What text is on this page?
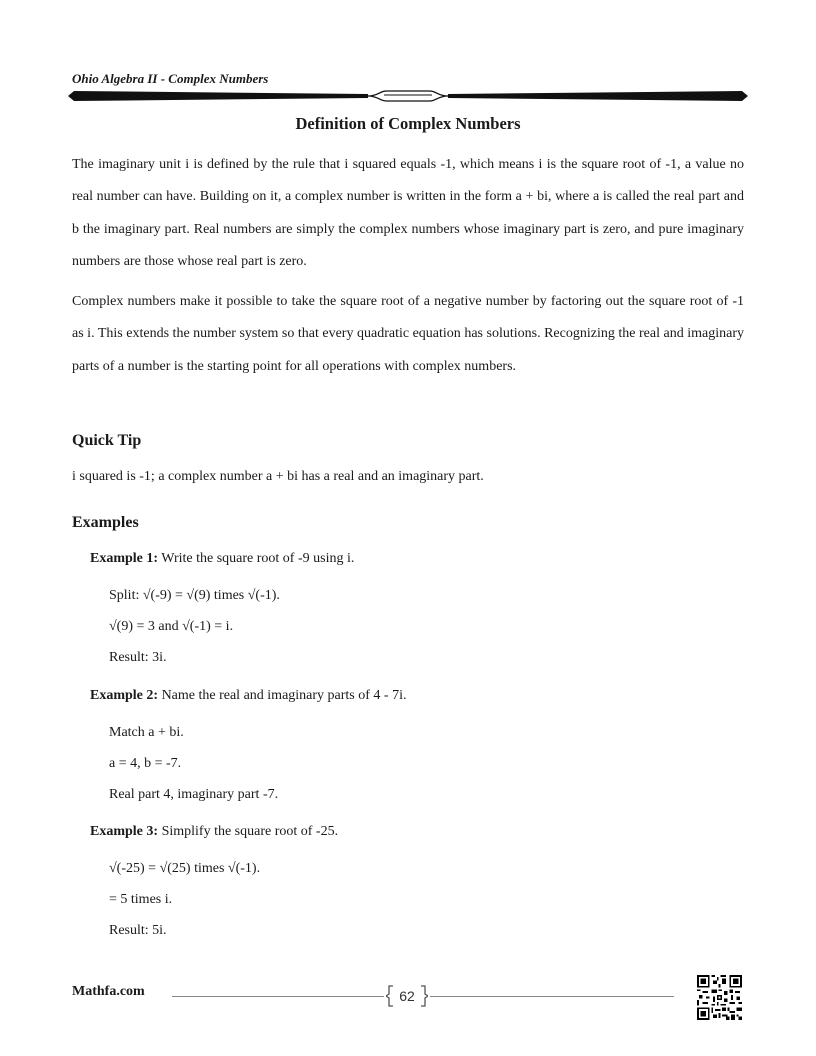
Ohio Algebra II - Complex Numbers
Definition of Complex Numbers

The imaginary unit i is defined by the rule that i squared equals -1, which means i is the square root of -1, a value no real number can have. Building on it, a complex number is written in the form a + bi, where a is called the real part and b the imaginary part. Real numbers are simply the complex numbers whose imaginary part is zero, and pure imaginary numbers are those whose real part is zero.

Complex numbers make it possible to take the square root of a negative number by factoring out the square root of -1 as i. This extends the number system so that every quadratic equation has solutions. Recognizing the real and imaginary parts of a number is the starting point for all operations with complex numbers.

Quick Tip
i squared is -1; a complex number a + bi has a real and an imaginary part.
Examples
Example 1: Write the square root of -9 using i.
Split: √(-9) = √(9) times √(-1).
√(9) = 3 and √(-1) = i.
Result: 3i.
Example 2: Name the real and imaginary parts of 4 - 7i.
Match a + bi.
a = 4, b = -7.
Real part 4, imaginary part -7.
Example 3: Simplify the square root of -25.
√(-25) = √(25) times √(-1).
= 5 times i.
Result: 5i.
Mathfa.com	62
